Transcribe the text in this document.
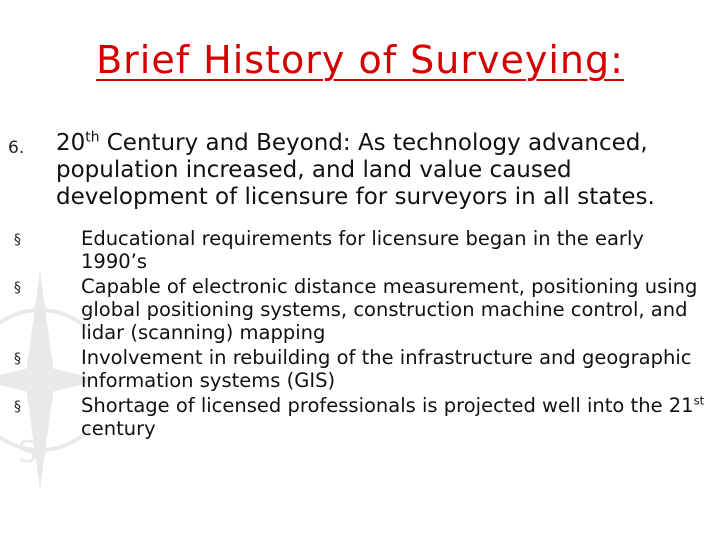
S
Brief History of Surveying:
6. 20th Century and Beyond: As technology advanced, population increased, and land value caused development of licensure for surveyors in all states.
§	Educational requirements for licensure began in the early 1990’s
§	Capable of electronic distance measurement, positioning using global positioning systems, construction machine control, and lidar (scanning) mapping
§	Involvement in rebuilding of the infrastructure and geographic information systems (GIS)
§	Shortage of licensed professionals is projected well into the 21st century
